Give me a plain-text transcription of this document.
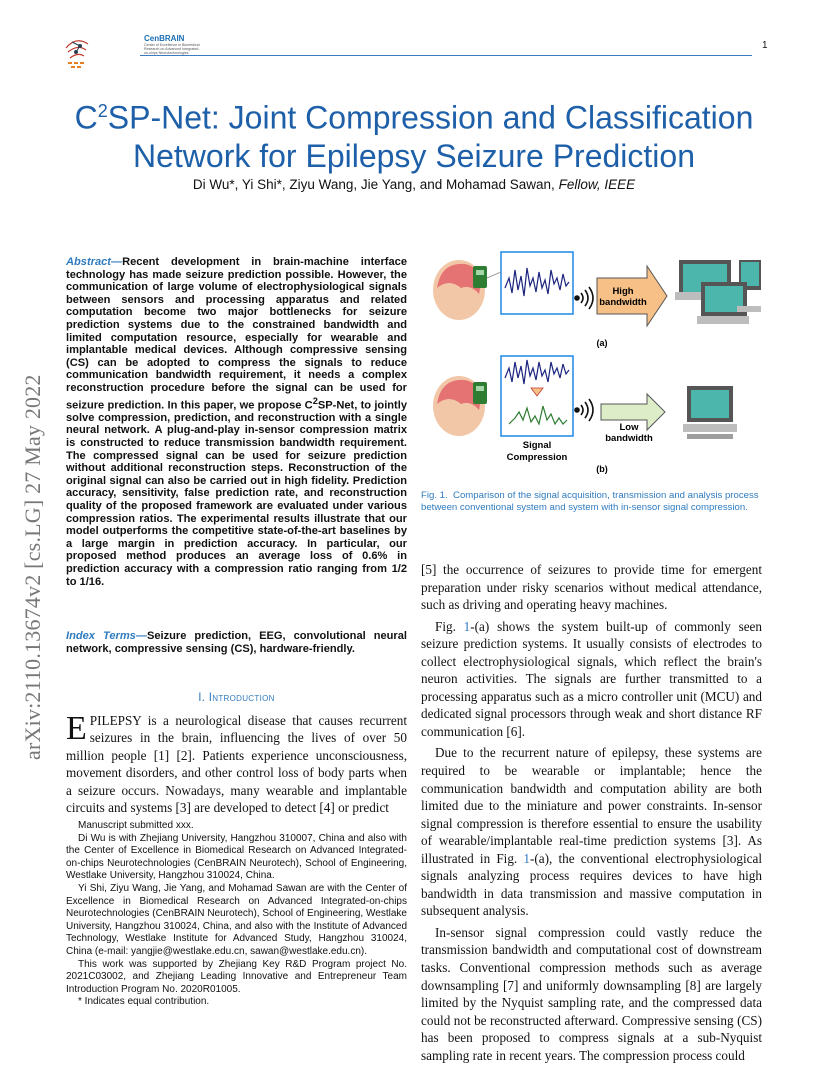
CenBRAIN
Center of Excellence in Biomedical Research on Advanced Integrated-on-chips Neurotechnologies
1
$C^2SP$-Net: Joint Compression and Classification Network for Epilepsy Seizure Prediction
Di Wu*, Yi Shi*, Ziyu Wang, Jie Yang, and Mohamad Sawan, Fellow, IEEE
arXiv:2110.13674v2 [cs.LG] 27 May 2022
Abstract—Recent development in brain-machine interface technology has made seizure prediction possible. However, the communication of large volume of electrophysiological signals between sensors and processing apparatus and related computation become two major bottlenecks for seizure prediction systems due to the constrained bandwidth and limited computation resource, especially for wearable and implantable medical devices. Although compressive sensing (CS) can be adopted to compress the signals to reduce communication bandwidth requirement, it needs a complex reconstruction procedure before the signal can be used for seizure prediction. In this paper, we propose $C^2SP$-Net, to jointly solve compression, prediction, and reconstruction with a single neural network. A plug-and-play in-sensor compression matrix is constructed to reduce transmission bandwidth requirement. The compressed signal can be used for seizure prediction without additional reconstruction steps. Reconstruction of the original signal can also be carried out in high fidelity. Prediction accuracy, sensitivity, false prediction rate, and reconstruction quality of the proposed framework are evaluated under various compression ratios. The experimental results illustrate that our model outperforms the competitive state-of-the-art baselines by a large margin in prediction accuracy. In particular, our proposed method produces an average loss of 0.6% in prediction accuracy with a compression ratio ranging from 1/2 to 1/16.
Index Terms—Seizure prediction, EEG, convolutional neural network, compressive sensing (CS), hardware-friendly.
I. Introduction
EPILEPSY is a neurological disease that causes recurrent seizures in the brain, influencing the lives of over 50 million people [1] [2]. Patients experience unconsciousness, movement disorders, and other control loss of body parts when a seizure occurs. Nowadays, many wearable and implantable circuits and systems [3] are developed to detect [4] or predict

Manuscript submitted xxx.

Di Wu is with Zhejiang University, Hangzhou 310007, China and also with the Center of Excellence in Biomedical Research on Advanced Integrated-on-chips Neurotechnologies (CenBRAIN Neurotech), School of Engineering, Westlake University, Hangzhou 310024, China.

Yi Shi, Ziyu Wang, Jie Yang, and Mohamad Sawan are with the Center of Excellence in Biomedical Research on Advanced Integrated-on-chips Neurotechnologies (CenBRAIN Neurotech), School of Engineering, Westlake University, Hangzhou 310024, China, and also with the Institute of Advanced Technology, Westlake Institute for Advanced Study, Hangzhou 310024, China (e-mail: yangjie@westlake.edu.cn, sawan@westlake.edu.cn).

This work was supported by Zhejiang Key R&D Program project No. 2021C03002, and Zhejiang Leading Innovative and Entrepreneur Team Introduction Program No. 2020R01005.

* Indicates equal contribution.

High
bandwidth
(a)
Signal
Compression
Low
bandwidth
(b)
Fig. 1. Comparison of the signal acquisition, transmission and analysis process between conventional system and system with in-sensor signal compression.

[5] the occurrence of seizures to provide time for emergent preparation under risky scenarios without medical attendance, such as driving and operating heavy machines.

Fig. 1-(a) shows the system built-up of commonly seen seizure prediction systems. It usually consists of electrodes to collect electrophysiological signals, which reflect the brain's neuron activities. The signals are further transmitted to a processing apparatus such as a micro controller unit (MCU) and dedicated signal processors through weak and short distance RF communication [6].

Due to the recurrent nature of epilepsy, these systems are required to be wearable or implantable; hence the communication bandwidth and computation ability are both limited due to the miniature and power constraints. In-sensor signal compression is therefore essential to ensure the usability of wearable/implantable real-time prediction systems [3]. As illustrated in Fig. 1-(a), the conventional electrophysiological signals analyzing process requires devices to have high bandwidth in data transmission and massive computation in subsequent analysis.

In-sensor signal compression could vastly reduce the transmission bandwidth and computational cost of downstream tasks. Conventional compression methods such as average downsampling [7] and uniformly downsampling [8] are largely limited by the Nyquist sampling rate, and the compressed data could not be reconstructed afterward. Compressive sensing (CS) has been proposed to compress signals at a sub-Nyquist sampling rate in recent years. The compression process could
